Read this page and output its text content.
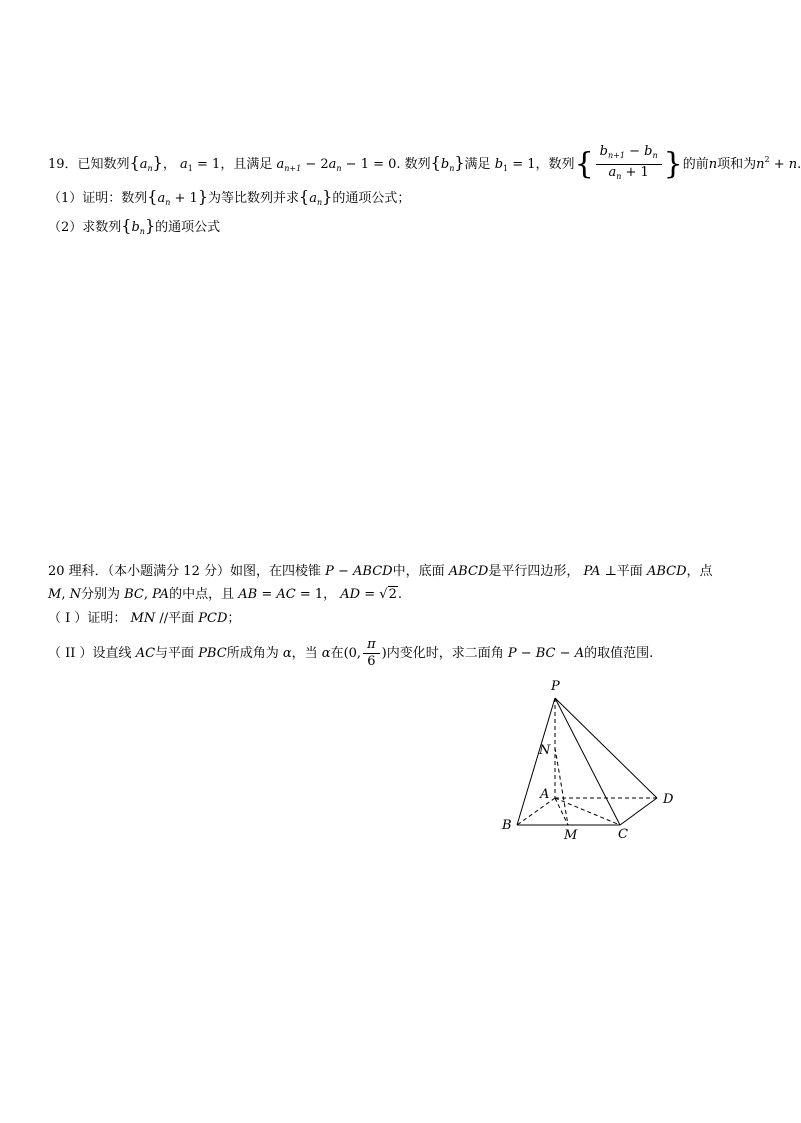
19．已知数列$\{a_n\}$， $a_1 = 1$，且满足 $a_{n+1} - 2a_n - 1 = 0$. 数列$\{b_n\}$满足 $b_1 = 1$，数列{ $\frac{b_{n+1} - b_n}{a_n + 1}$ }的前n项和为$n^2 + n$.
（1）证明：数列$\{a_n + 1\}$为等比数列并求$\{a_n\}$的通项公式；
（2）求数列$\{b_n\}$的通项公式
20 理科．（本小题满分 12 分）如图，在四棱锥 P − ABCD中，底面 ABCD是平行四边形， PA ⊥平面 ABCD，点
M, N分别为 BC, PA的中点，且 AB = AC = 1， AD = √2.
（ I ）证明： MN //平面 PCD；
（ II ）设直线 AC与平面 PBC所成角为 α，当 α在(0, $\frac{\pi}{6}$ )内变化时，求二面角 P − BC − A的取值范围.
P
N
A	D
B
M	C
